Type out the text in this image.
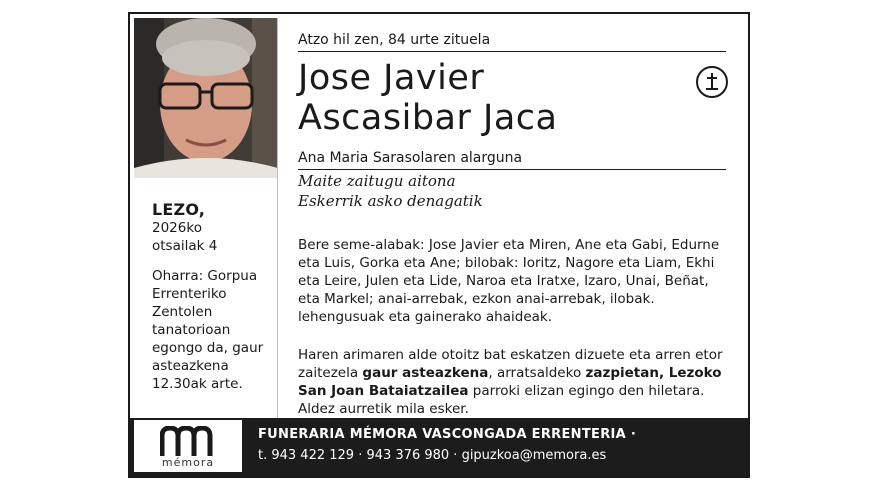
LEZO,
2026ko
otsailak 4
Oharra: Gorpua
Errenteriko
Zentolen
tanatorioan
egongo da, gaur
asteazkena
12.30ak arte.
Atzo hil zen, 84 urte zituela
Jose Javier
Ascasibar Jaca
Ana Maria Sarasolaren alarguna
Maite zaitugu aitona
Eskerrik asko denagatik
Bere seme-alabak: Jose Javier eta Miren, Ane eta Gabi, Edurne eta Luis, Gorka eta Ane; bilobak: Ioritz, Nagore eta Liam, Ekhi eta Leire, Julen eta Lide, Naroa eta Iratxe, Izaro, Unai, Beñat, eta Markel; anai-arrebak, ezkon anai-arrebak, ilobak. lehengusuak eta gainerako ahaideak.
Haren arimaren alde otoitz bat eskatzen dizuete eta arren etor zaitezela gaur asteazkena, arratsaldeko zazpietan, Lezoko San Joan Bataiatzailea parroki elizan egingo den hiletara. Aldez aurretik mila esker.
mémora
FUNERARIA MÉMORA VASCONGADA ERRENTERIA ·
t. 943 422 129 · 943 376 980 · gipuzkoa@memora.es
